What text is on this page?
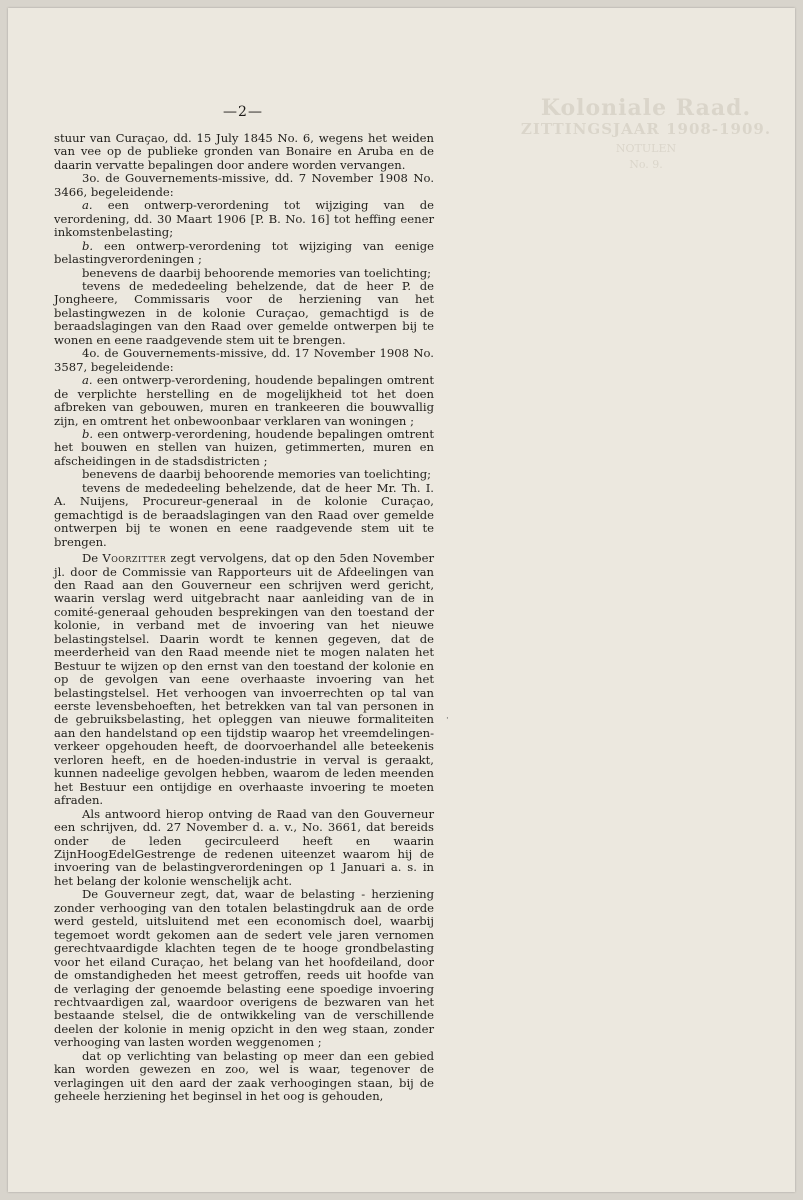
Koloniale Raad.
ZITTINGSJAAR 1908-1909.
NOTULEN
No. 9.
—2—

stuur van Curaçao, dd. 15 July 1845 No. 6, wegens het weiden van vee op de publieke gronden van Bonaire en Aruba en de daarin vervatte bepalingen door andere worden vervangen.

3o. de Gouvernements-missive, dd. 7 November 1908 No. 3466, begeleidende:

a. een ontwerp-verordening tot wijziging van de verordening, dd. 30 Maart 1906 [P. B. No. 16] tot heffing eener inkomstenbelasting;

b. een ontwerp-verordening tot wijziging van eenige belastingverordeningen ;

benevens de daarbij behoorende memories van toelichting;

tevens de mededeeling behelzende, dat de heer P. de Jongheere, Commissaris voor de herziening van het belastingwezen in de kolonie Curaçao, gemachtigd is de beraadslagingen van den Raad over gemelde ontwerpen bij te wonen en eene raadgevende stem uit te brengen.

4o. de Gouvernements-missive, dd. 17 November 1908 No. 3587, begeleidende:

a. een ontwerp-verordening, houdende bepalingen omtrent de verplichte herstelling en de mogelijkheid tot het doen afbreken van gebouwen, muren en trankeeren die bouwvallig zijn, en omtrent het onbewoonbaar verklaren van woningen ;

b. een ontwerp-verordening, houdende bepalingen omtrent het bouwen en stellen van huizen, getimmerten, muren en afscheidingen in de stadsdistricten ;

benevens de daarbij behoorende memories van toelichting;

tevens de mededeeling behelzende, dat de heer Mr. Th. I. A. Nuijens, Procureur-generaal in de kolonie Curaçao, gemachtigd is de beraadslagingen van den Raad over gemelde ontwerpen bij te wonen en eene raadgevende stem uit te brengen.

De Voorzitter zegt vervolgens, dat op den 5den November jl. door de Commissie van Rapporteurs uit de Afdeelingen van den Raad aan den Gouverneur een schrijven werd gericht, waarin verslag werd uitgebracht naar aanleiding van de in comité-generaal gehouden besprekingen van den toestand der kolonie, in verband met de invoering van het nieuwe belastingstelsel. Daarin wordt te kennen gegeven, dat de meerderheid van den Raad meende niet te mogen nalaten het Bestuur te wijzen op den ernst van den toestand der kolonie en op de gevolgen van eene overhaaste invoering van het belastingstelsel. Het verhoogen van invoerrechten op tal van eerste levensbehoeften, het betrekken van tal van personen in de gebruiksbelasting, het opleggen van nieuwe formaliteiten aan den handelstand op een tijdstip waarop het vreemdelingen-verkeer opgehouden heeft, de doorvoerhandel alle beteekenis verloren heeft, en de hoeden-industrie in verval is geraakt, kunnen nadeelige gevolgen hebben, waarom de leden meenden het Bestuur een ontijdige en overhaaste invoering te moeten afraden.

Als antwoord hierop ontving de Raad van den Gouverneur een schrijven, dd. 27 November d. a. v., No. 3661, dat bereids onder de leden gecirculeerd heeft en waarin ZijnHoogEdelGestrenge de redenen uiteenzet waarom hij de invoering van de belastingverordeningen op 1 Januari a. s. in het belang der kolonie wenschelijk acht.

De Gouverneur zegt, dat, waar de belasting - herziening zonder verhooging van den totalen belastingdruk aan de orde werd gesteld, uitsluitend met een economisch doel, waarbij tegemoet wordt gekomen aan de sedert vele jaren vernomen gerechtvaardigde klachten tegen de te hooge grondbelasting voor het eiland Curaçao, het belang van het hoofdeiland, door de omstandigheden het meest getroffen, reeds uit hoofde van de verlaging der genoemde belasting eene spoedige invoering rechtvaardigen zal, waardoor overigens de bezwaren van het bestaande stelsel, die de ontwikkeling van de verschillende deelen der kolonie in menig opzicht in den weg staan, zonder verhooging van lasten worden weggenomen ;

dat op verlichting van belasting op meer dan een gebied kan worden gewezen en zoo, wel is waar, tegenover de verlagingen uit den aard der zaak verhoogingen staan, bij de geheele herziening het beginsel in het oog is gehouden,

·
